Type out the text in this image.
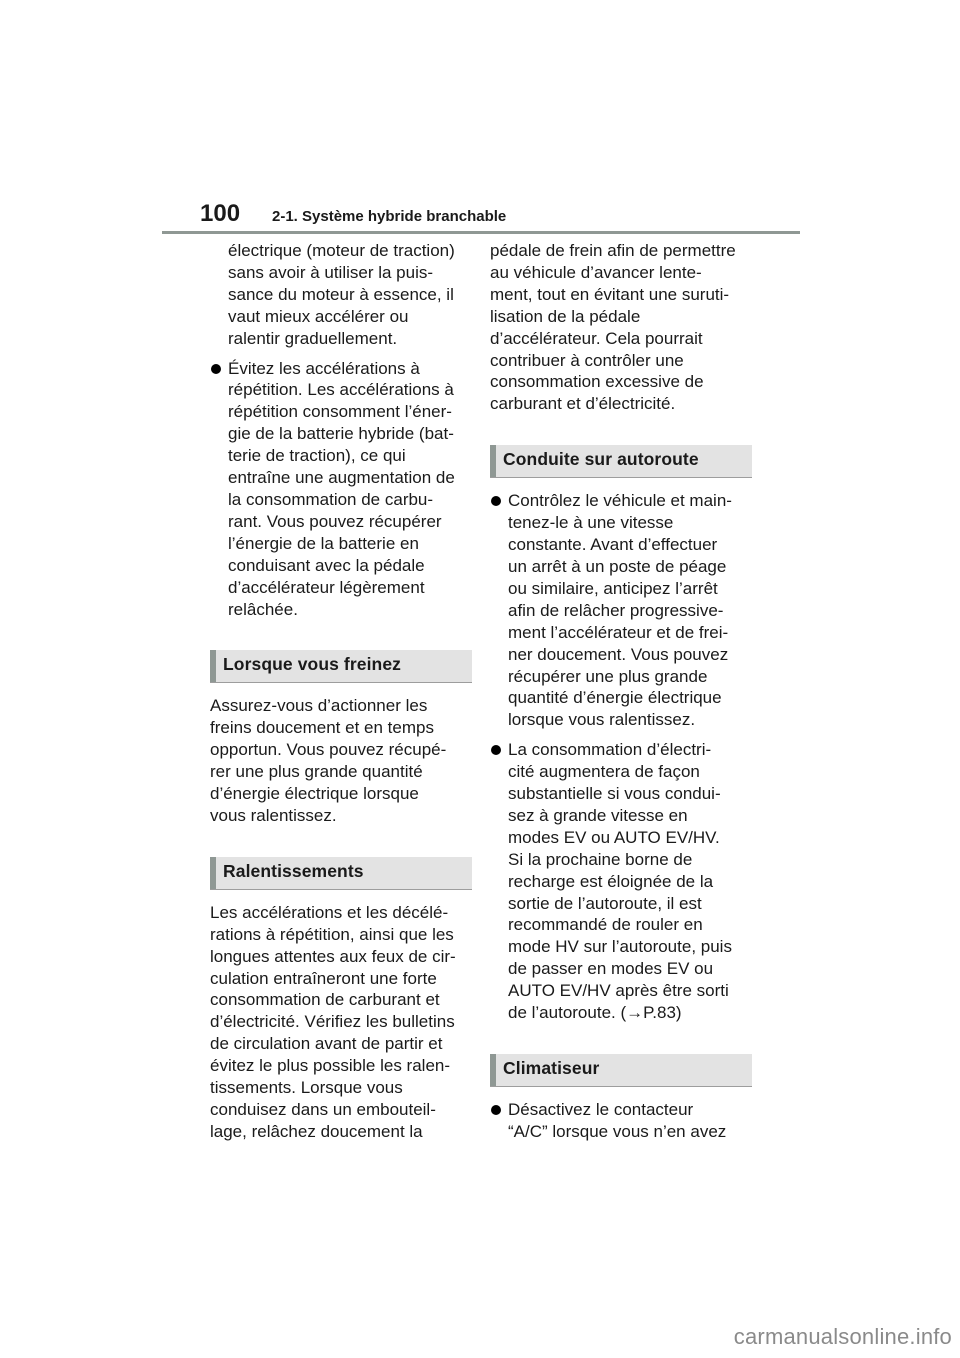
100 2-1. Système hybride branchable

électrique (moteur de traction)

sans avoir à utiliser la puis-

sance du moteur à essence, il

vaut mieux accélérer ou

ralentir graduellement.

Évitez les accélérations à

répétition. Les accélérations à

répétition consomment l’éner-

gie de la batterie hybride (bat-

terie de traction), ce qui

entraîne une augmentation de

la consommation de carbu-

rant. Vous pouvez récupérer

l’énergie de la batterie en

conduisant avec la pédale

d’accélérateur légèrement

relâchée.

Lorsque vous freinez

Assurez-vous d’actionner les

freins doucement et en temps

opportun. Vous pouvez récupé-

rer une plus grande quantité

d’énergie électrique lorsque

vous ralentissez.

Ralentissements

Les accélérations et les décélé-

rations à répétition, ainsi que les

longues attentes aux feux de cir-

culation entraîneront une forte

consommation de carburant et

d’électricité. Vérifiez les bulletins

de circulation avant de partir et

évitez le plus possible les ralen-

tissements. Lorsque vous

conduisez dans un embouteil-

lage, relâchez doucement la

pédale de frein afin de permettre

au véhicule d’avancer lente-

ment, tout en évitant une suruti-

lisation de la pédale

d’accélérateur. Cela pourrait

contribuer à contrôler une

consommation excessive de

carburant et d’électricité.

Conduite sur autoroute

Contrôlez le véhicule et main-

tenez-le à une vitesse

constante. Avant d’effectuer

un arrêt à un poste de péage

ou similaire, anticipez l’arrêt

afin de relâcher progressive-

ment l’accélérateur et de frei-

ner doucement. Vous pouvez

récupérer une plus grande

quantité d’énergie électrique

lorsque vous ralentissez.

La consommation d’électri-

cité augmentera de façon

substantielle si vous condui-

sez à grande vitesse en

modes EV ou AUTO EV/HV.

Si la prochaine borne de

recharge est éloignée de la

sortie de l’autoroute, il est

recommandé de rouler en

mode HV sur l’autoroute, puis

de passer en modes EV ou

AUTO EV/HV après être sorti

de l’autoroute. (→P.83)

Climatiseur

Désactivez le contacteur

“A/C” lorsque vous n’en avez

carmanualsonline.info
